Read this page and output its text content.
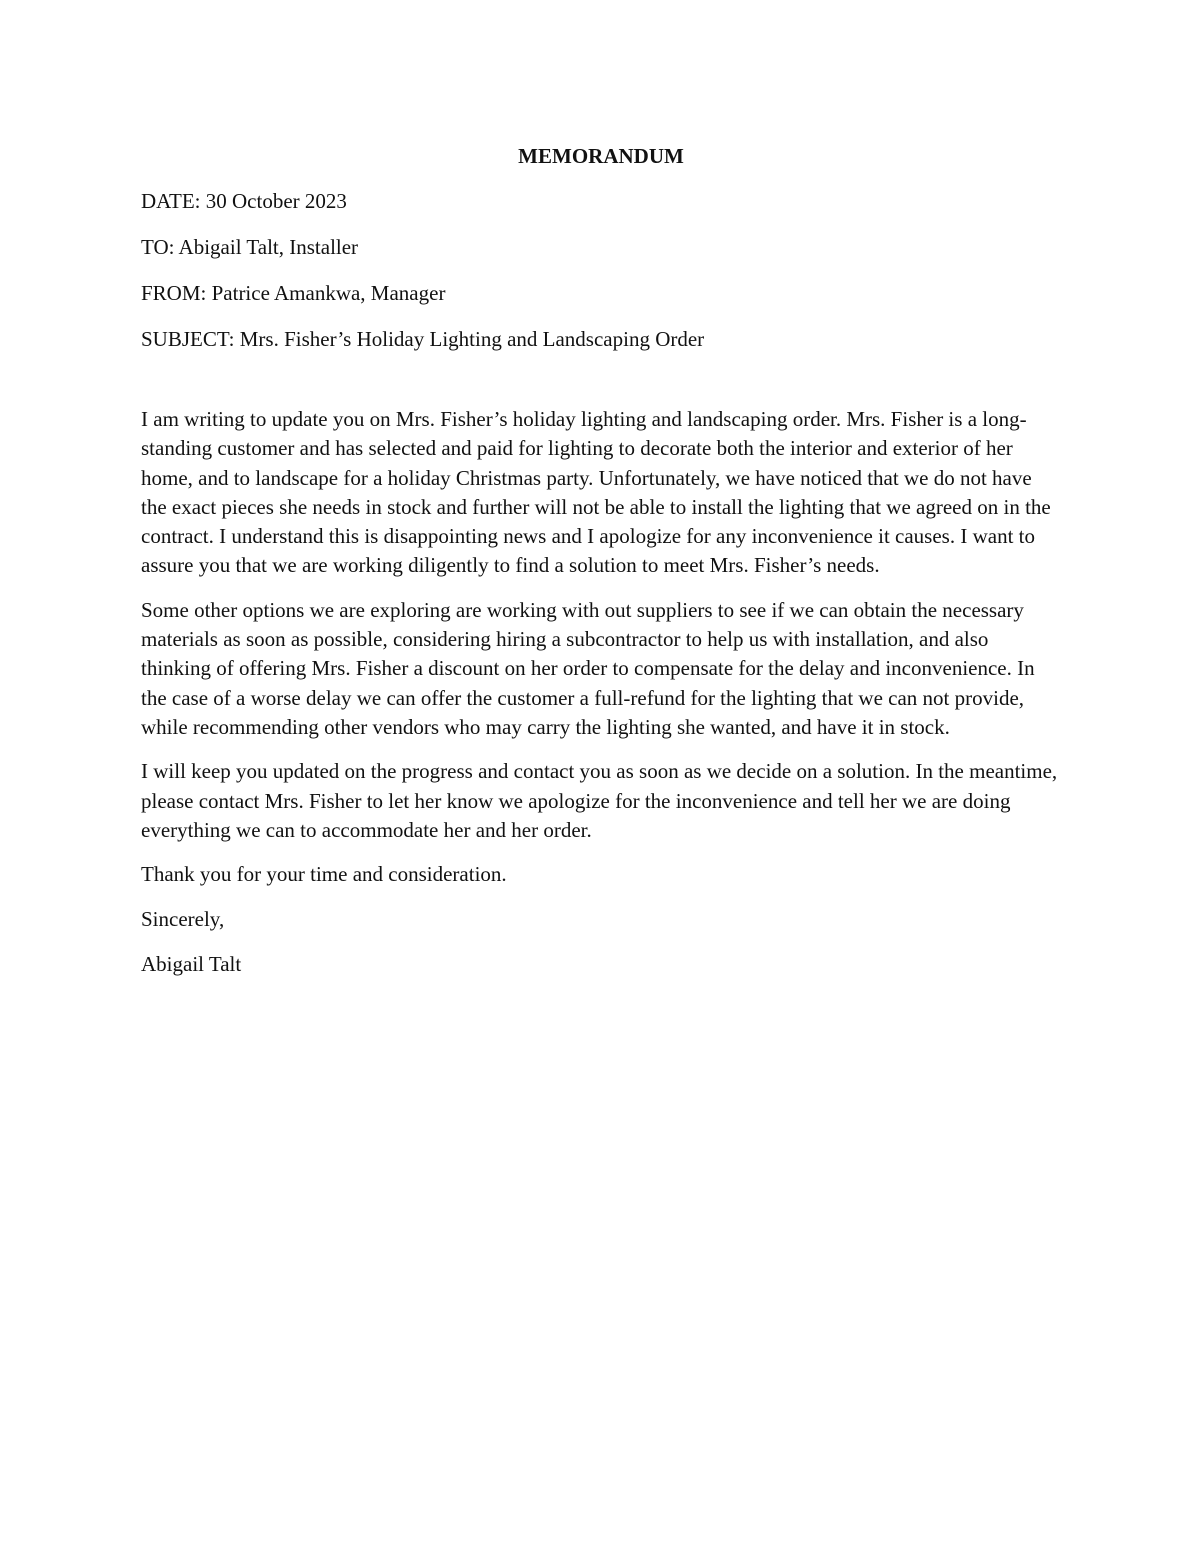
MEMORANDUM
DATE: 30 October 2023
TO: Abigail Talt, Installer
FROM: Patrice Amankwa, Manager
SUBJECT: Mrs. Fisher’s Holiday Lighting and Landscaping Order

I am writing to update you on Mrs. Fisher’s holiday lighting and landscaping order. Mrs. Fisher is a long-standing customer and has selected and paid for lighting to decorate both the interior and exterior of her home, and to landscape for a holiday Christmas party. Unfortunately, we have noticed that we do not have the exact pieces she needs in stock and further will not be able to install the lighting that we agreed on in the contract. I understand this is disappointing news and I apologize for any inconvenience it causes. I want to assure you that we are working diligently to find a solution to meet Mrs. Fisher’s needs.

Some other options we are exploring are working with out suppliers to see if we can obtain the necessary materials as soon as possible, considering hiring a subcontractor to help us with installation, and also thinking of offering Mrs. Fisher a discount on her order to compensate for the delay and inconvenience. In the case of a worse delay we can offer the customer a full-refund for the lighting that we can not provide, while recommending other vendors who may carry the lighting she wanted, and have it in stock.

I will keep you updated on the progress and contact you as soon as we decide on a solution. In the meantime, please contact Mrs. Fisher to let her know we apologize for the inconvenience and tell her we are doing everything we can to accommodate her and her order.

Thank you for your time and consideration.
Sincerely,
Abigail Talt
